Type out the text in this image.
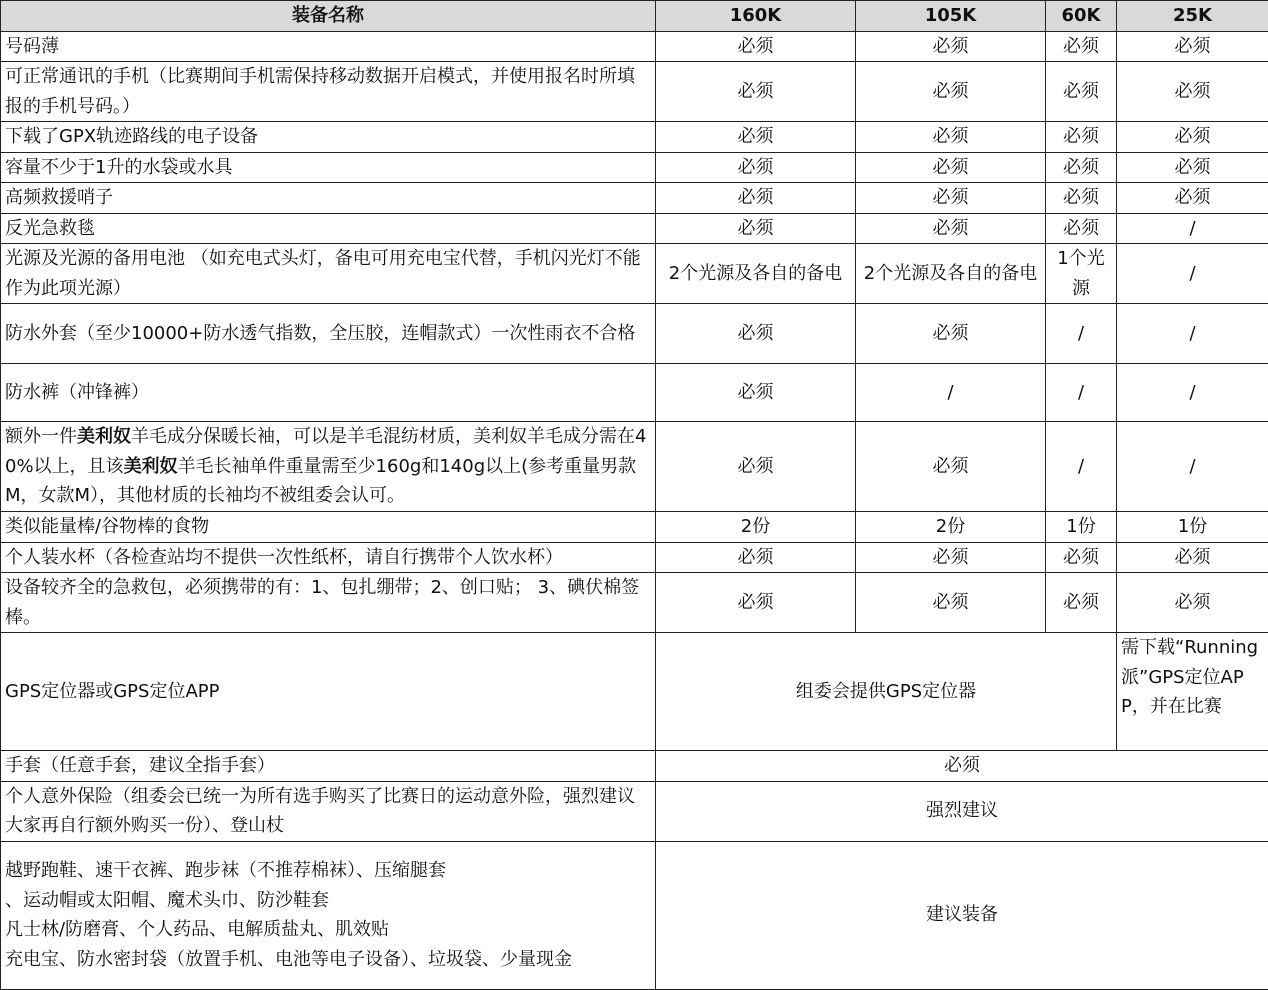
装备名称	160K	105K	60K	25K
号码薄	必须	必须	必须	必须
可正常通讯的手机（比赛期间手机需保持移动数据开启模式，并使用报名时所填报的手机号码。）	必须	必须	必须	必须
下载了GPX轨迹路线的电子设备	必须	必须	必须	必须
容量不少于1升的水袋或水具	必须	必须	必须	必须
高频救援哨子	必须	必须	必须	必须
反光急救毯	必须	必须	必须	/
光源及光源的备用电池 （如充电式头灯，备电可用充电宝代替，手机闪光灯不能作为此项光源）	2个光源及各自的备电	2个光源及各自的备电	1个光源	/
防水外套（至少10000+防水透气指数，全压胶，连帽款式）一次性雨衣不合格	必须	必须	/	/
防水裤（冲锋裤）	必须	/	/	/
额外一件美利奴羊毛成分保暖长袖，可以是羊毛混纺材质，美利奴羊毛成分需在40%以上，且该美利奴羊毛长袖单件重量需至少160g和140g以上(参考重量男款M，女款M），其他材质的长袖均不被组委会认可。	必须	必须	/	/
类似能量棒/谷物棒的食物	2份	2份	1份	1份
个人装水杯（各检查站均不提供一次性纸杯，请自行携带个人饮水杯）	必须	必须	必须	必须
设备较齐全的急救包，必须携带的有：1、包扎绷带；2、创口贴； 3、碘伏棉签棒。	必须	必须	必须	必须
GPS定位器或GPS定位APP	组委会提供GPS定位器			需下载“Running派”GPS定位APP，并在比赛
手套（任意手套，建议全指手套）	必须			
个人意外保险（组委会已统一为所有选手购买了比赛日的运动意外险，强烈建议大家再自行额外购买一份）、登山杖	强烈建议			

越野跑鞋、速干衣裤、跑步袜（不推荐棉袜）、压缩腿套
、运动帽或太阳帽、魔术头巾、防沙鞋套
凡士林/防磨膏、个人药品、电解质盐丸、肌效贴
充电宝、防水密封袋（放置手机、电池等电子设备）、垃圾袋、少量现金	建议装备			
